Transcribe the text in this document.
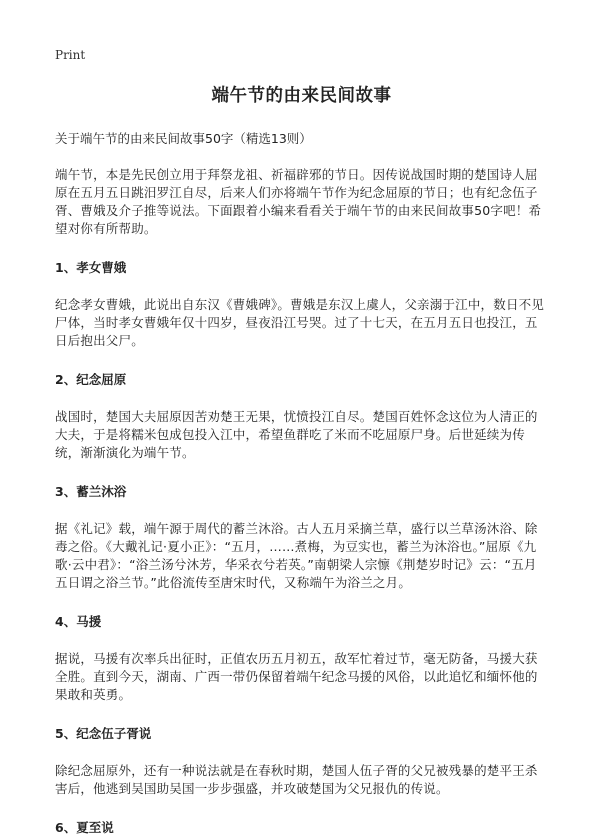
Print
端午节的由来民间故事
关于端午节的由来民间故事50字（精选13则）

端午节，本是先民创立用于拜祭龙祖、祈福辟邪的节日。因传说战国时期的楚国诗人屈原在五月五日跳汨罗江自尽，后来人们亦将端午节作为纪念屈原的节日；也有纪念伍子胥、曹娥及介子推等说法。下面跟着小编来看看关于端午节的由来民间故事50字吧！希望对你有所帮助。

1、孝女曹娥

纪念孝女曹娥，此说出自东汉《曹娥碑》。曹娥是东汉上虞人，父亲溺于江中，数日不见尸体，当时孝女曹娥年仅十四岁，昼夜沿江号哭。过了十七天，在五月五日也投江，五日后抱出父尸。

2、纪念屈原

战国时，楚国大夫屈原因苦劝楚王无果，忧愤投江自尽。楚国百姓怀念这位为人清正的大夫，于是将糯米包成包投入江中，希望鱼群吃了米而不吃屈原尸身。后世延续为传统，渐渐演化为端午节。

3、蓄兰沐浴

据《礼记》载，端午源于周代的蓄兰沐浴。古人五月采摘兰草，盛行以兰草汤沐浴、除毒之俗。《大戴礼记·夏小正》：“五月，……煮梅，为豆实也，蓄兰为沐浴也。”屈原《九歌·云中君》：“浴兰汤兮沐芳，华采衣兮若英。”南朝梁人宗懔《荆楚岁时记》云：“五月五日谓之浴兰节。”此俗流传至唐宋时代，又称端午为浴兰之月。

4、马援

据说，马援有次率兵出征时，正值农历五月初五，敌军忙着过节，毫无防备，马援大获全胜。直到今天，湖南、广西一带仍保留着端午纪念马援的风俗，以此追忆和缅怀他的果敢和英勇。

5、纪念伍子胥说

除纪念屈原外，还有一种说法就是在春秋时期，楚国人伍子胥的父兄被残暴的楚平王杀害后，他逃到吴国助吴国一步步强盛，并攻破楚国为父兄报仇的传说。

6、夏至说
